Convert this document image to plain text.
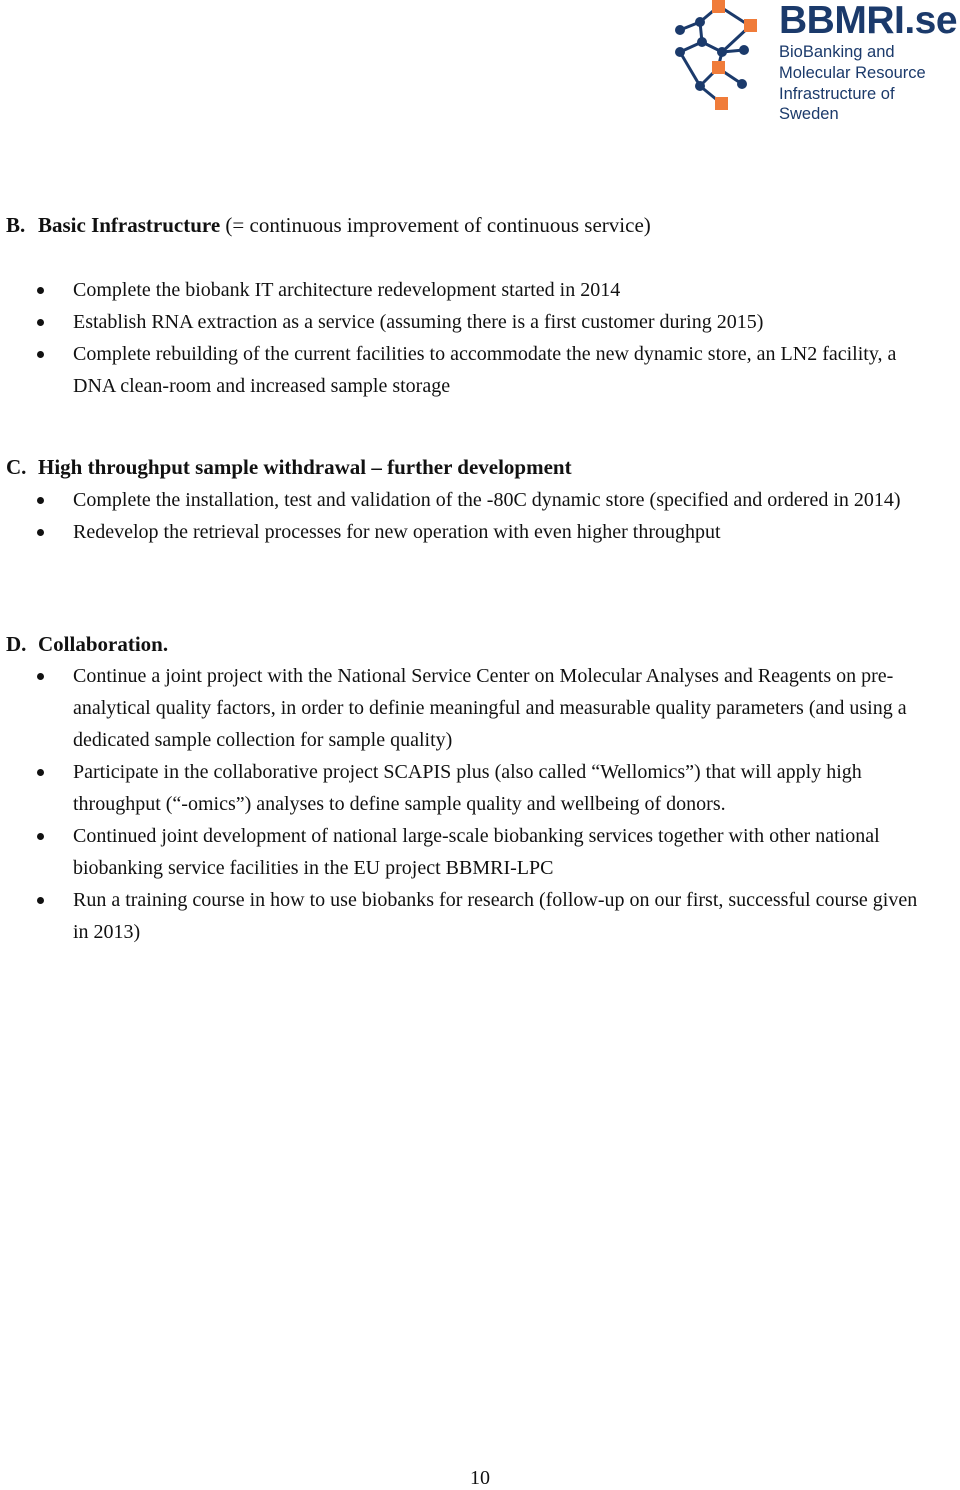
BBMRI.se
BioBanking and
Molecular Resource
Infrastructure of
Sweden
B. Basic Infrastructure (= continuous improvement of continuous service)
Complete the biobank IT architecture redevelopment started in 2014
Establish RNA extraction as a service (assuming there is a first customer during 2015)
Complete rebuilding of the current facilities to accommodate the new dynamic store, an LN2 facility, a DNA clean-room and increased sample storage
C. High throughput sample withdrawal – further development
Complete the installation, test and validation of the -80C dynamic store (specified and ordered in 2014)
Redevelop the retrieval processes for new operation with even higher throughput
D. Collaboration.
Continue a joint project with the National Service Center on Molecular Analyses and Reagents on pre-analytical quality factors, in order to definie meaningful and measurable quality parameters (and using a dedicated sample collection for sample quality)
Participate in the collaborative project SCAPIS plus (also called “Wellomics”) that will apply high throughput (“-omics”) analyses to define sample quality and wellbeing of donors.
Continued joint development of national large-scale biobanking services together with other national biobanking service facilities in the EU project BBMRI-LPC
Run a training course in how to use biobanks for research (follow-up on our first, successful course given in 2013)
10
